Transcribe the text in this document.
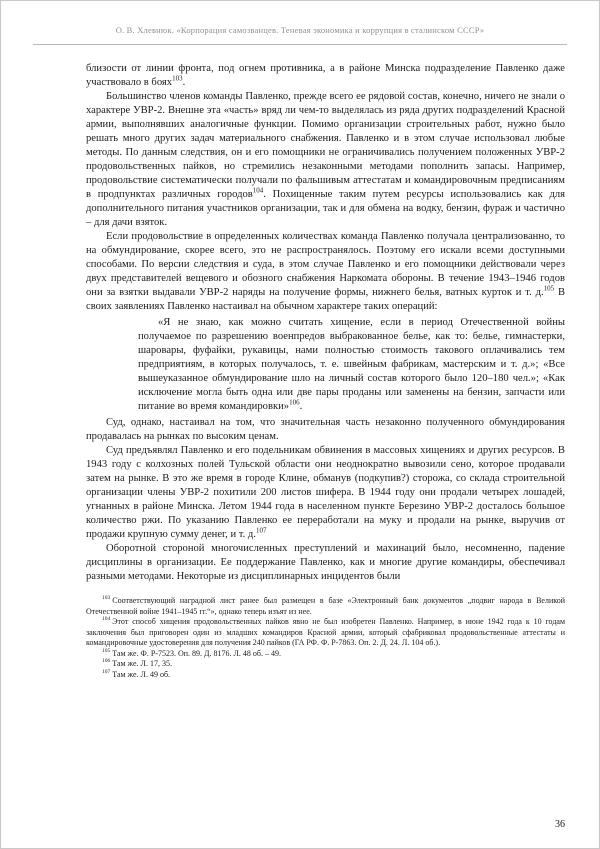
О. В. Хлевнюк. «Корпорация самозванцев. Теневая экономика и коррупция в сталинском СССР»

близости от линии фронта, под огнем противника, а в районе Минска подразделение Павленко даже участвовало в боях$^{103}$.

Большинство членов команды Павленко, прежде всего ее рядовой состав, конечно, ничего не знали о характере УВР-2. Внешне эта «часть» вряд ли чем-то выделялась из ряда других подразделений Красной армии, выполнявших аналогичные функции. Помимо организации строительных работ, нужно было решать много других задач материального снабжения. Павленко и в этом случае использовал любые методы. По данным следствия, он и его помощники не ограничивались получением положенных УВР-2 продовольственных пайков, но стремились незаконными методами пополнить запасы. Например, продовольствие систематически получали по фальшивым аттестатам и командировочным предписаниям в продпунктах различных городов$^{104}$. Похищенные таким путем ресурсы использовались как для дополнительного питания участников организации, так и для обмена на водку, бензин, фураж и частично – для дачи взяток.

Если продовольствие в определенных количествах команда Павленко получала централизованно, то на обмундирование, скорее всего, это не распространялось. Поэтому его искали всеми доступными способами. По версии следствия и суда, в этом случае Павленко и его помощники действовали через двух представителей вещевого и обозного снабжения Наркомата обороны. В течение 1943–1946 годов они за взятки выдавали УВР-2 наряды на получение формы, нижнего белья, ватных курток и т. д.$^{105}$ В своих заявлениях Павленко настаивал на обычном характере таких операций:

«Я не знаю, как можно считать хищение, если в период Отечественной войны получаемое по разрешению военпредов выбракованное белье, как то: белье, гимнастерки, шаровары, фуфайки, рукавицы, нами полностью стоимость такового оплачивались тем предприятиям, в которых получалось, т. е. швейным фабрикам, мастерским и т. д.»; «Все вышеуказанное обмундирование шло на личный состав которого было 120–180 чел.»; «Как исключение могла быть одна или две пары проданы или заменены на бензин, запчасти или питание во время командировки»$^{106}$.

Суд, однако, настаивал на том, что значительная часть незаконно полученного обмундирования продавалась на рынках по высоким ценам.

Суд предъявлял Павленко и его подельникам обвинения в массовых хищениях и других ресурсов. В 1943 году с колхозных полей Тульской области они неоднократно вывозили сено, которое продавали затем на рынке. В это же время в городе Клине, обманув (подкупив?) сторожа, со склада строительной организации члены УВР-2 похитили 200 листов шифера. В 1944 году они продали четырех лошадей, угнанных в районе Минска. Летом 1944 года в населенном пункте Березино УВР-2 досталось большое количество ржи. По указанию Павленко ее переработали на муку и продали на рынке, выручив от продажи крупную сумму денег, и т. д.$^{107}$

Оборотной стороной многочисленных преступлений и махинаций было, несомненно, падение дисциплины в организации. Ее поддержание Павленко, как и многие другие командиры, обеспечивал разными методами. Некоторые из дисциплинарных инцидентов были

$^{103}$ Соответствующий наградной лист ранее был размещен в базе «Электронный банк документов „подвиг народа в Великой Отечественной войне 1941–1945 гг.“», однако теперь изъят из нее.

$^{104}$ Этот способ хищения продовольственных пайков явно не был изобретен Павленко. Например, в июне 1942 года к 10 годам заключения был приговорен один из младших командиров Красной армии, который сфабриковал продовольственные аттестаты и командировочные удостоверения для получения 240 пайков (ГА РФ. Ф. Р-7863. Оп. 2. Д. 24. Л. 104 об.).

$^{105}$ Там же. Ф. Р-7523. Оп. 89. Д. 8176. Л. 48 об. – 49.

$^{106}$ Там же. Л. 17, 35.

$^{107}$ Там же. Л. 49 об.

36
